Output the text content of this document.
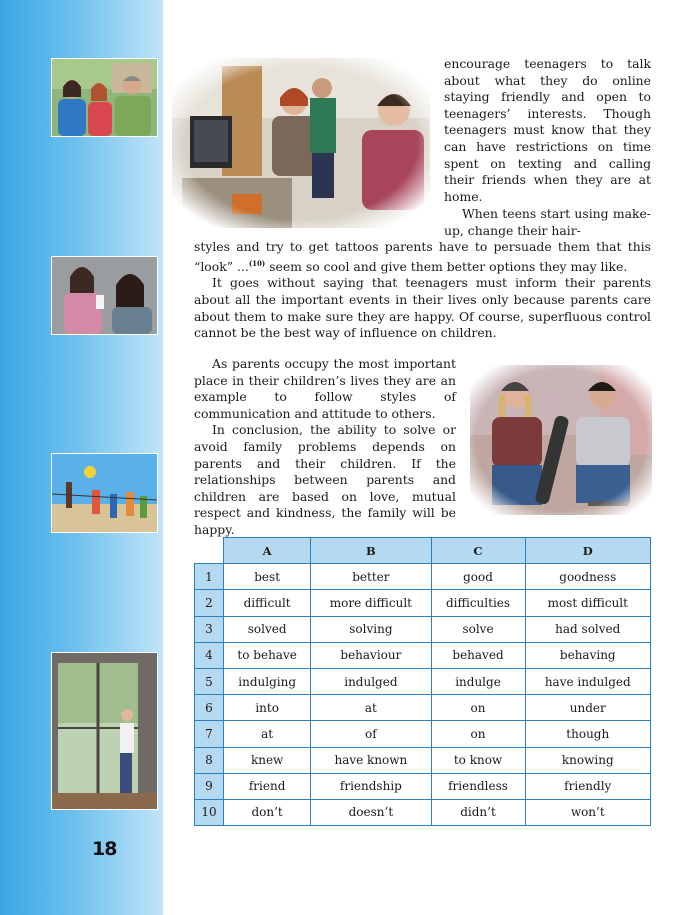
18

encourage teenagers to talk about what they do online staying friendly and open to teenagers’ interests. Though teenagers must know that they can have restrictions on time spent on texting and calling their friends when they are at home.

When teens start using make-up, change their hair-

styles and try to get tattoos parents have to persuade them that this “look” ...$^{(10)}$ seem so cool and give them better options they may like.

It goes without saying that teenagers must inform their parents about all the important events in their lives only because parents care about them to make sure they are happy. Of course, superfluous control cannot be the best way of influence on children.

As parents occupy the most important place in their children’s lives they are an example to follow styles of communication and attitude to others.

In conclusion, the ability to solve or avoid family problems depends on parents and their children. If the relationships between parents and children are based on love, mutual respect and kindness, the family will be happy.

	A	B	C	D
1	best	better	good	goodness
2	difficult	more difficult	difficulties	most difficult
3	solved	solving	solve	had solved
4	to behave	behaviour	behaved	behaving
5	indulging	indulged	indulge	have indulged
6	into	at	on	under
7	at	of	on	though
8	knew	have known	to know	knowing
9	friend	friendship	friendless	friendly
10	don’t	doesn’t	didn’t	won’t
